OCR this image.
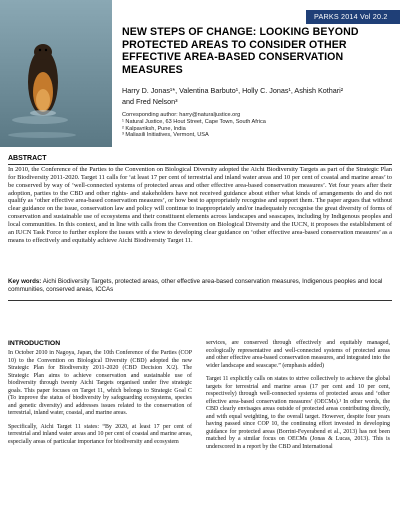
PARKS 2014 Vol 20.2
NEW STEPS OF CHANGE: LOOKING BEYOND PROTECTED AREAS TO CONSIDER OTHER EFFECTIVE AREA-BASED CONSERVATION MEASURES
Harry D. Jonas¹*, Valentina Barbuto¹, Holly C. Jonas¹, Ashish Kothari²
and Fred Nelson³
Corresponding author: harry@naturaljustice.org
¹ Natural Justice, 63 Hout Street, Cape Town, South Africa
² Kalpavriksh, Pune, India
³ Maliasili Initiatives, Vermont, USA
ABSTRACT

In 2010, the Conference of the Parties to the Convention on Biological Diversity adopted the Aichi Biodiversity Targets as part of the Strategic Plan for Biodiversity 2011-2020. Target 11 calls for ‘at least 17 per cent of terrestrial and inland water areas and 10 per cent of coastal and marine areas’ to be conserved by way of ‘well-connected systems of protected areas and other effective area-based conservation measures’. Yet four years after their adoption, parties to the CBD and other rights- and stakeholders have not received guidance about either what kinds of arrangements do and do not qualify as ‘other effective area-based conservation measures’, or how best to appropriately recognise and support them. The paper argues that without clear guidance on the issue, conservation law and policy will continue to inappropriately and/or inadequately recognise the great diversity of forms of conservation and sustainable use of ecosystems and their constituent elements across landscapes and seascapes, including by Indigenous peoples and local communities. In this context, and in line with calls from the Convention on Biological Diversity and the IUCN, it proposes the establishment of an IUCN Task Force to further explore the issues with a view to developing clear guidance on ‘other effective area-based conservation measures’ as a means to effectively and equitably achieve Aichi Biodiversity Target 11.

Key words: Aichi Biodiversity Targets, protected areas, other effective area-based conservation measures, Indigenous peoples and local communities, conserved areas, ICCAs

INTRODUCTION

In October 2010 in Nagoya, Japan, the 10th Conference of the Parties (COP 10) to the Convention on Biological Diversity (CBD) adopted the new Strategic Plan for Biodiversity 2011-2020 (CBD Decision X/2). The Strategic Plan aims to achieve conservation and sustainable use of biodiversity through twenty Aichi Targets organised under five strategic goals. This paper focuses on Target 11, which belongs to Strategic Goal C (To improve the status of biodiversity by safeguarding ecosystems, species and genetic diversity) and addresses issues related to the conservation of terrestrial, inland water, coastal, and marine areas.

Specifically, Aichi Target 11 states: “By 2020, at least 17 per cent of terrestrial and inland water areas and 10 per cent of coastal and marine areas, especially areas of particular importance for biodiversity and ecosystem

services, are conserved through effectively and equitably managed, ecologically representative and well-connected systems of protected areas and other effective area-based conservation measures, and integrated into the wider landscape and seascape.” (emphasis added)

Target 11 explicitly calls on states to strive collectively to achieve the global targets for terrestrial and marine areas (17 per cent and 10 per cent, respectively) through well-connected systems of protected areas and ‘other effective area-based conservation measures’ (OECMs).¹ In other words, the CBD clearly envisages areas outside of protected areas contributing directly, and with equal weighting, to the overall target. However, despite four years having passed since COP 10, the continuing effort invested in developing guidance for protected areas (Borrini-Feyerabend et al., 2013) has not been matched by a similar focus on OECMs (Jonas & Lucas, 2013). This is underscored in a report by the CBD and International
